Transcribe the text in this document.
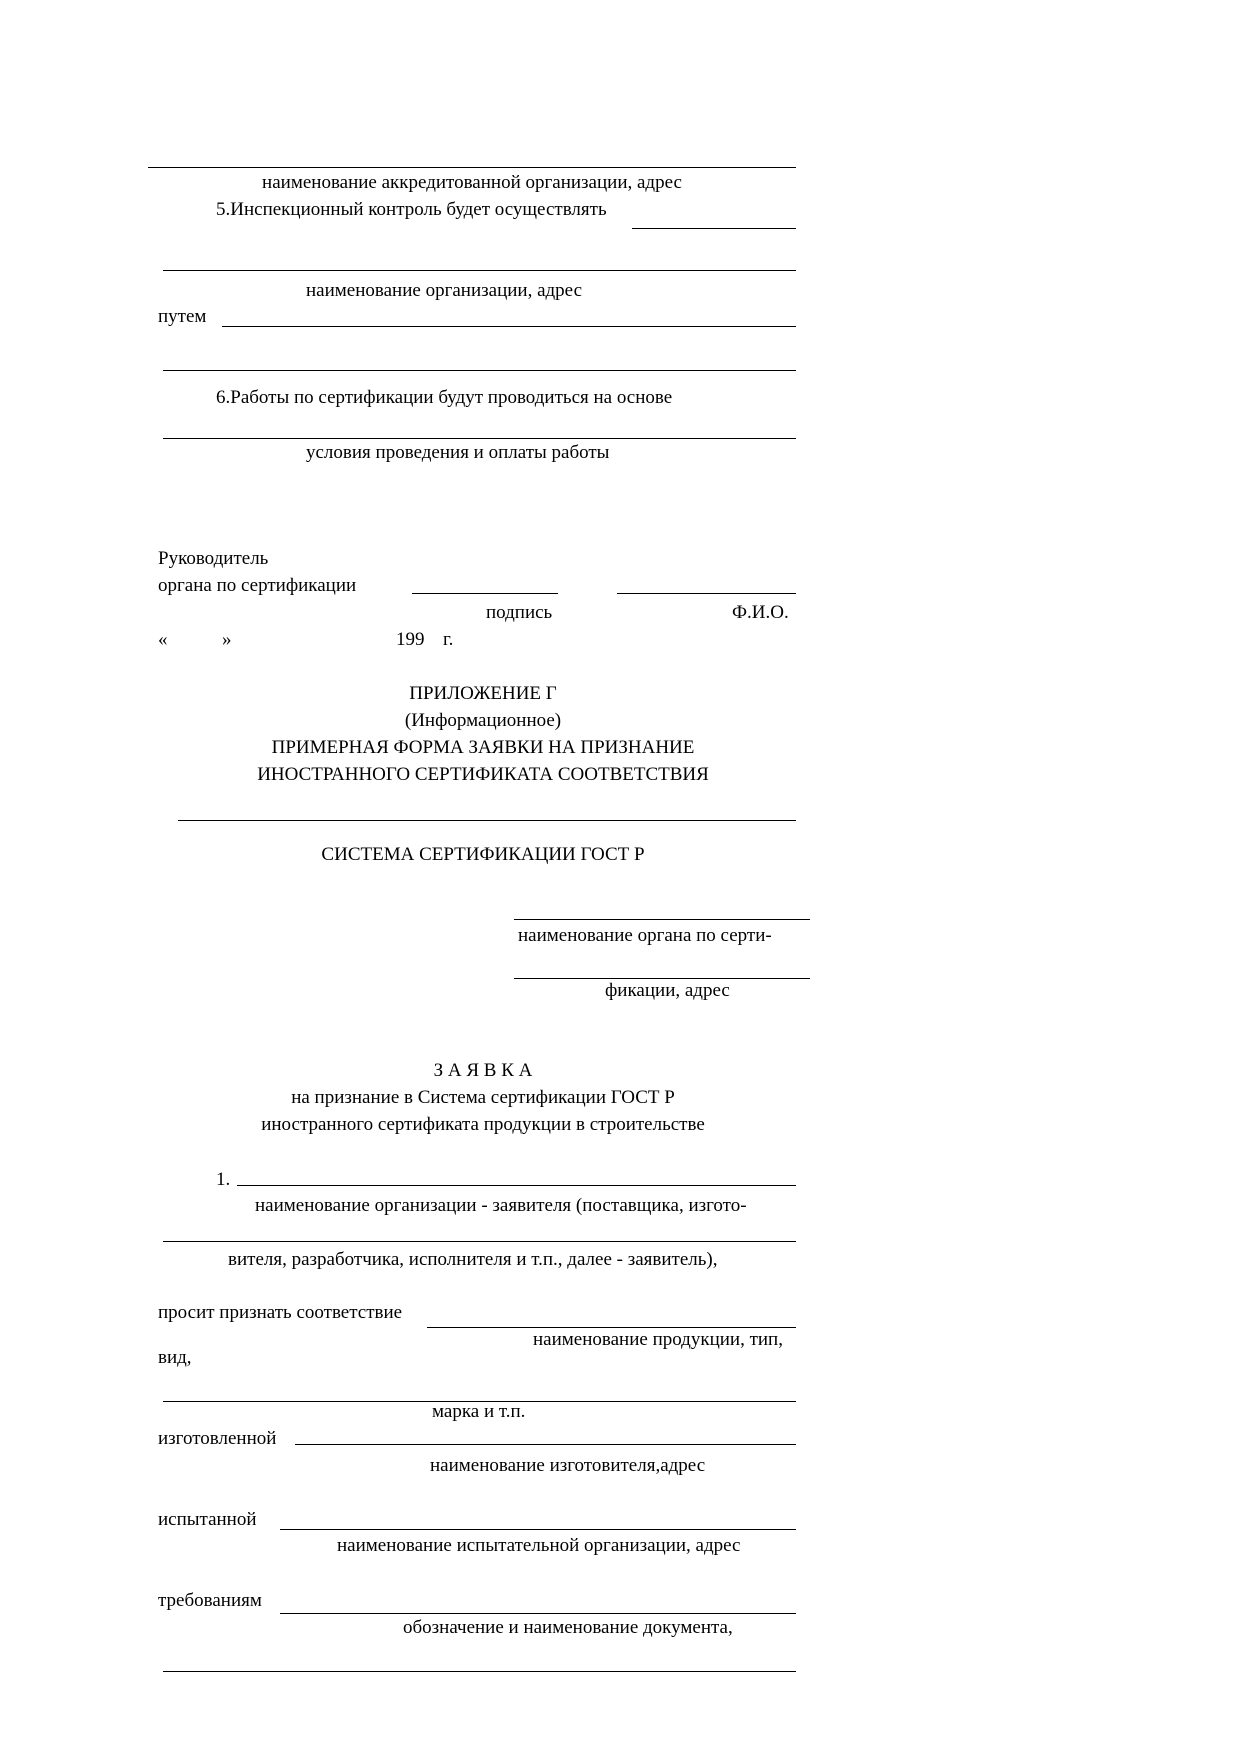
наименование аккредитованной организации, адрес
5.Инспекционный контроль будет осуществлять
наименование организации, адрес
путем
6.Работы по сертификации будут проводиться на основе
условия проведения и оплаты работы
Руководитель
органа по сертификации
подпись	Ф.И.О.
«	»	199 г.
ПРИЛОЖЕНИЕ Г
(Информационное)
ПРИМЕРНАЯ ФОРМА ЗАЯВКИ НА ПРИЗНАНИЕ
ИНОСТРАННОГО СЕРТИФИКАТА СООТВЕТСТВИЯ
СИСТЕМА СЕРТИФИКАЦИИ ГОСТ Р
наименование органа по серти-
фикации, адрес
З А Я В К А
на признание в Система сертификации ГОСТ Р
иностранного сертификата продукции в строительстве
1.
наименование организации - заявителя (поставщика, изгото-
вителя, разработчика, исполнителя и т.п., далее - заявитель),
просит признать соответствие
наименование продукции, тип,
вид,
марка и т.п.
изготовленной
наименование изготовителя,адрес
испытанной
наименование испытательной организации, адрес
требованиям
обозначение и наименование документа,
